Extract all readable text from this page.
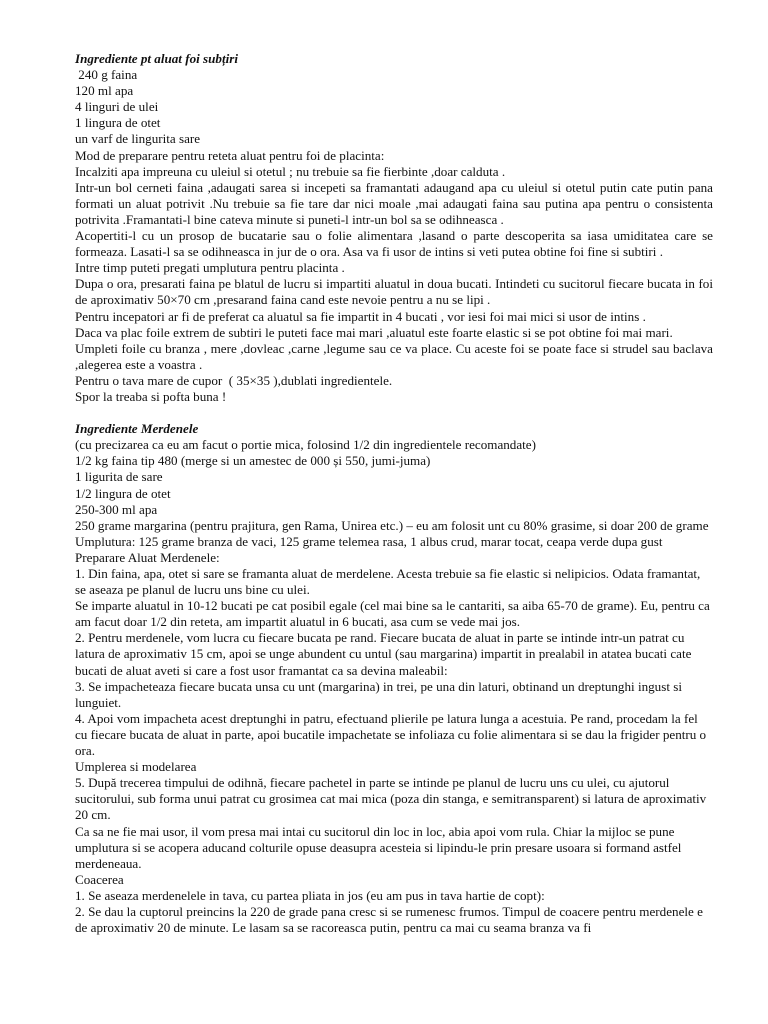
Ingrediente pt aluat foi subțiri
240 g faina
120 ml apa
4 linguri de ulei
1 lingura de otet
un varf de lingurita sare
Mod de preparare pentru reteta aluat pentru foi de placinta:
Incalziti apa impreuna cu uleiul si otetul ; nu trebuie sa fie fierbinte ,doar calduta .
Intr-un bol cerneti faina ,adaugati sarea si incepeti sa framantati adaugand apa cu uleiul si otetul putin cate putin pana formati un aluat potrivit .Nu trebuie sa fie tare dar nici moale ,mai adaugati faina sau putina apa pentru o consistenta potrivita .Framantati-l bine cateva minute si puneti-l intr-un bol sa se odihneasca .
Acopertiti-l cu un prosop de bucatarie sau o folie alimentara ,lasand o parte descoperita sa iasa umiditatea care se formeaza. Lasati-l sa se odihneasca in jur de o ora. Asa va fi usor de intins si veti putea obtine foi fine si subtiri .
Intre timp puteti pregati umplutura pentru placinta .
Dupa o ora, presarati faina pe blatul de lucru si impartiti aluatul in doua bucati. Intindeti cu sucitorul fiecare bucata in foi de aproximativ 50×70 cm ,presarand faina cand este nevoie pentru a nu se lipi .
Pentru incepatori ar fi de preferat ca aluatul sa fie impartit in 4 bucati , vor iesi foi mai mici si usor de intins .
Daca va plac foile extrem de subtiri le puteti face mai mari ,aluatul este foarte elastic si se pot obtine foi mai mari.
Umpleti foile cu branza , mere ,dovleac ,carne ,legume sau ce va place. Cu aceste foi se poate face si strudel sau baclava ,alegerea este a voastra .
Pentru o tava mare de cupor  ( 35×35 ),dublati ingredientele.
Spor la treaba si pofta buna !
Ingrediente Merdenele
(cu precizarea ca eu am facut o portie mica, folosind 1/2 din ingredientele recomandate)
1/2 kg faina tip 480 (merge si un amestec de 000 și 550, jumi-juma)
1 ligurita de sare
1/2 lingura de otet
250-300 ml apa
250 grame margarina (pentru prajitura, gen Rama, Unirea etc.) – eu am folosit unt cu 80% grasime, si doar 200 de grame
Umplutura: 125 grame branza de vaci, 125 grame telemea rasa, 1 albus crud, marar tocat, ceapa verde dupa gust
Preparare Aluat Merdenele:
1. Din faina, apa, otet si sare se framanta aluat de merdelene. Acesta trebuie sa fie elastic si nelipicios. Odata framantat, se aseaza pe planul de lucru uns bine cu ulei.
Se imparte aluatul in 10-12 bucati pe cat posibil egale (cel mai bine sa le cantariti, sa aiba 65-70 de grame). Eu, pentru ca am facut doar 1/2 din reteta, am impartit aluatul in 6 bucati, asa cum se vede mai jos.
2. Pentru merdenele, vom lucra cu fiecare bucata pe rand. Fiecare bucata de aluat in parte se intinde intr-un patrat cu latura de aproximativ 15 cm, apoi se unge abundent cu untul (sau margarina) impartit in prealabil in atatea bucati cate bucati de aluat aveti si care a fost usor framantat ca sa devina maleabil:
3. Se impacheteaza fiecare bucata unsa cu unt (margarina) in trei, pe una din laturi, obtinand un dreptunghi ingust si lunguiet.
4. Apoi vom impacheta acest dreptunghi in patru, efectuand plierile pe latura lunga a acestuia. Pe rand, procedam la fel cu fiecare bucata de aluat in parte, apoi bucatile impachetate se infoliaza cu folie alimentara si se dau la frigider pentru o ora.
Umplerea si modelarea
5. După trecerea timpului de odihnă, fiecare pachetel in parte se intinde pe planul de lucru uns cu ulei, cu ajutorul sucitorului, sub forma unui patrat cu grosimea cat mai mica (poza din stanga, e semitransparent) si latura de aproximativ 20 cm.
Ca sa ne fie mai usor, il vom presa mai intai cu sucitorul din loc in loc, abia apoi vom rula. Chiar la mijloc se pune umplutura si se acopera aducand colturile opuse deasupra acesteia si lipindu-le prin presare usoara si formand astfel merdeneaua.
Coacerea
1. Se aseaza merdenelele in tava, cu partea pliata in jos (eu am pus in tava hartie de copt):
2. Se dau la cuptorul preincins la 220 de grade pana cresc si se rumenesc frumos. Timpul de coacere pentru merdenele e de aproximativ 20 de minute. Le lasam sa se racoreasca putin, pentru ca mai cu seama branza va fi
